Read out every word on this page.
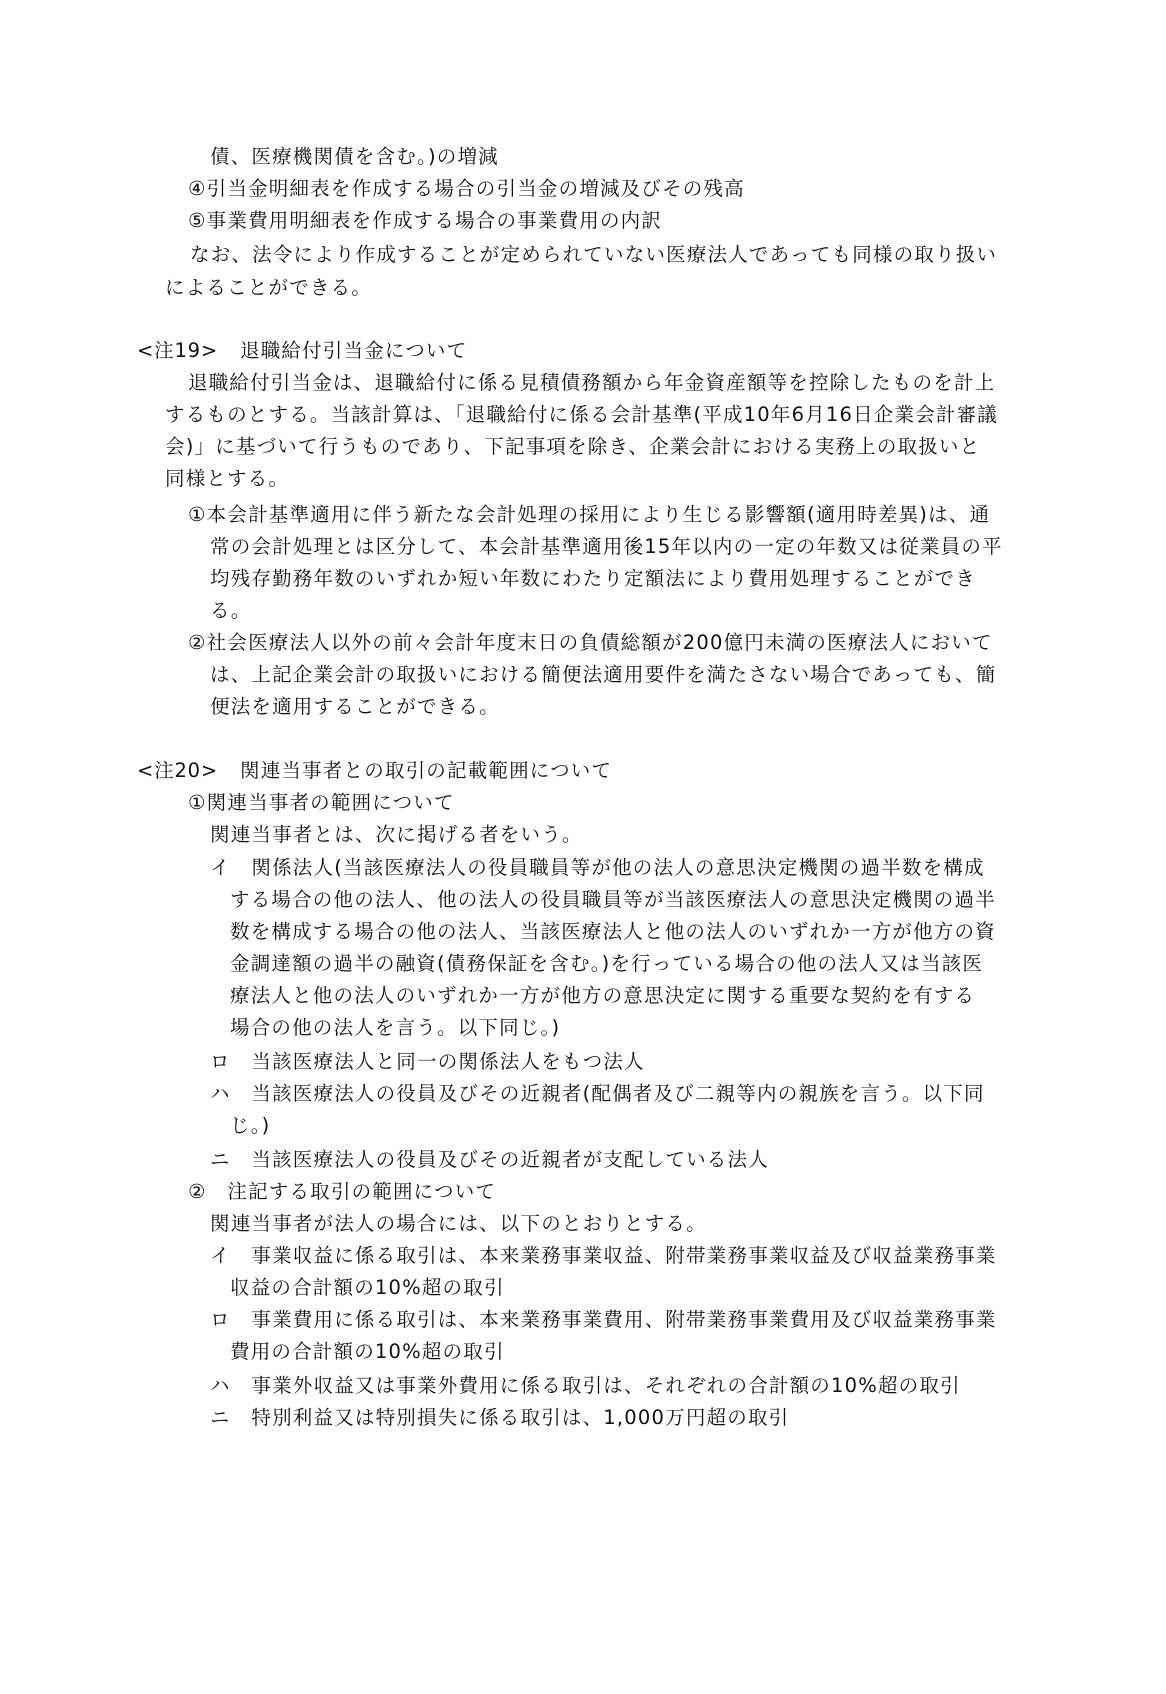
債、医療機関債を含む。)の増減
④引当金明細表を作成する場合の引当金の増減及びその残高
⑤事業費用明細表を作成する場合の事業費用の内訳
なお、法令により作成することが定められていない医療法人であっても同様の取り扱い
によることができる。
<注19> 退職給付引当金について
退職給付引当金は、退職給付に係る見積債務額から年金資産額等を控除したものを計上
するものとする。当該計算は、「退職給付に係る会計基準(平成10年6月16日企業会計審議
会)」に基づいて行うものであり、下記事項を除き、企業会計における実務上の取扱いと
同様とする。
①本会計基準適用に伴う新たな会計処理の採用により生じる影響額(適用時差異)は、通
常の会計処理とは区分して、本会計基準適用後15年以内の一定の年数又は従業員の平
均残存勤務年数のいずれか短い年数にわたり定額法により費用処理することができ
る。
②社会医療法人以外の前々会計年度末日の負債総額が200億円未満の医療法人において
は、上記企業会計の取扱いにおける簡便法適用要件を満たさない場合であっても、簡
便法を適用することができる。
<注20> 関連当事者との取引の記載範囲について
①関連当事者の範囲について
関連当事者とは、次に掲げる者をいう。
イ　関係法人(当該医療法人の役員職員等が他の法人の意思決定機関の過半数を構成
する場合の他の法人、他の法人の役員職員等が当該医療法人の意思決定機関の過半
数を構成する場合の他の法人、当該医療法人と他の法人のいずれか一方が他方の資
金調達額の過半の融資(債務保証を含む。)を行っている場合の他の法人又は当該医
療法人と他の法人のいずれか一方が他方の意思決定に関する重要な契約を有する
場合の他の法人を言う。以下同じ。)
ロ　当該医療法人と同一の関係法人をもつ法人
ハ　当該医療法人の役員及びその近親者(配偶者及び二親等内の親族を言う。以下同
じ。)
ニ　当該医療法人の役員及びその近親者が支配している法人
②　注記する取引の範囲について
関連当事者が法人の場合には、以下のとおりとする。
イ　事業収益に係る取引は、本来業務事業収益、附帯業務事業収益及び収益業務事業
収益の合計額の10%超の取引
ロ　事業費用に係る取引は、本来業務事業費用、附帯業務事業費用及び収益業務事業
費用の合計額の10%超の取引
ハ　事業外収益又は事業外費用に係る取引は、それぞれの合計額の10%超の取引
ニ　特別利益又は特別損失に係る取引は、1,000万円超の取引
